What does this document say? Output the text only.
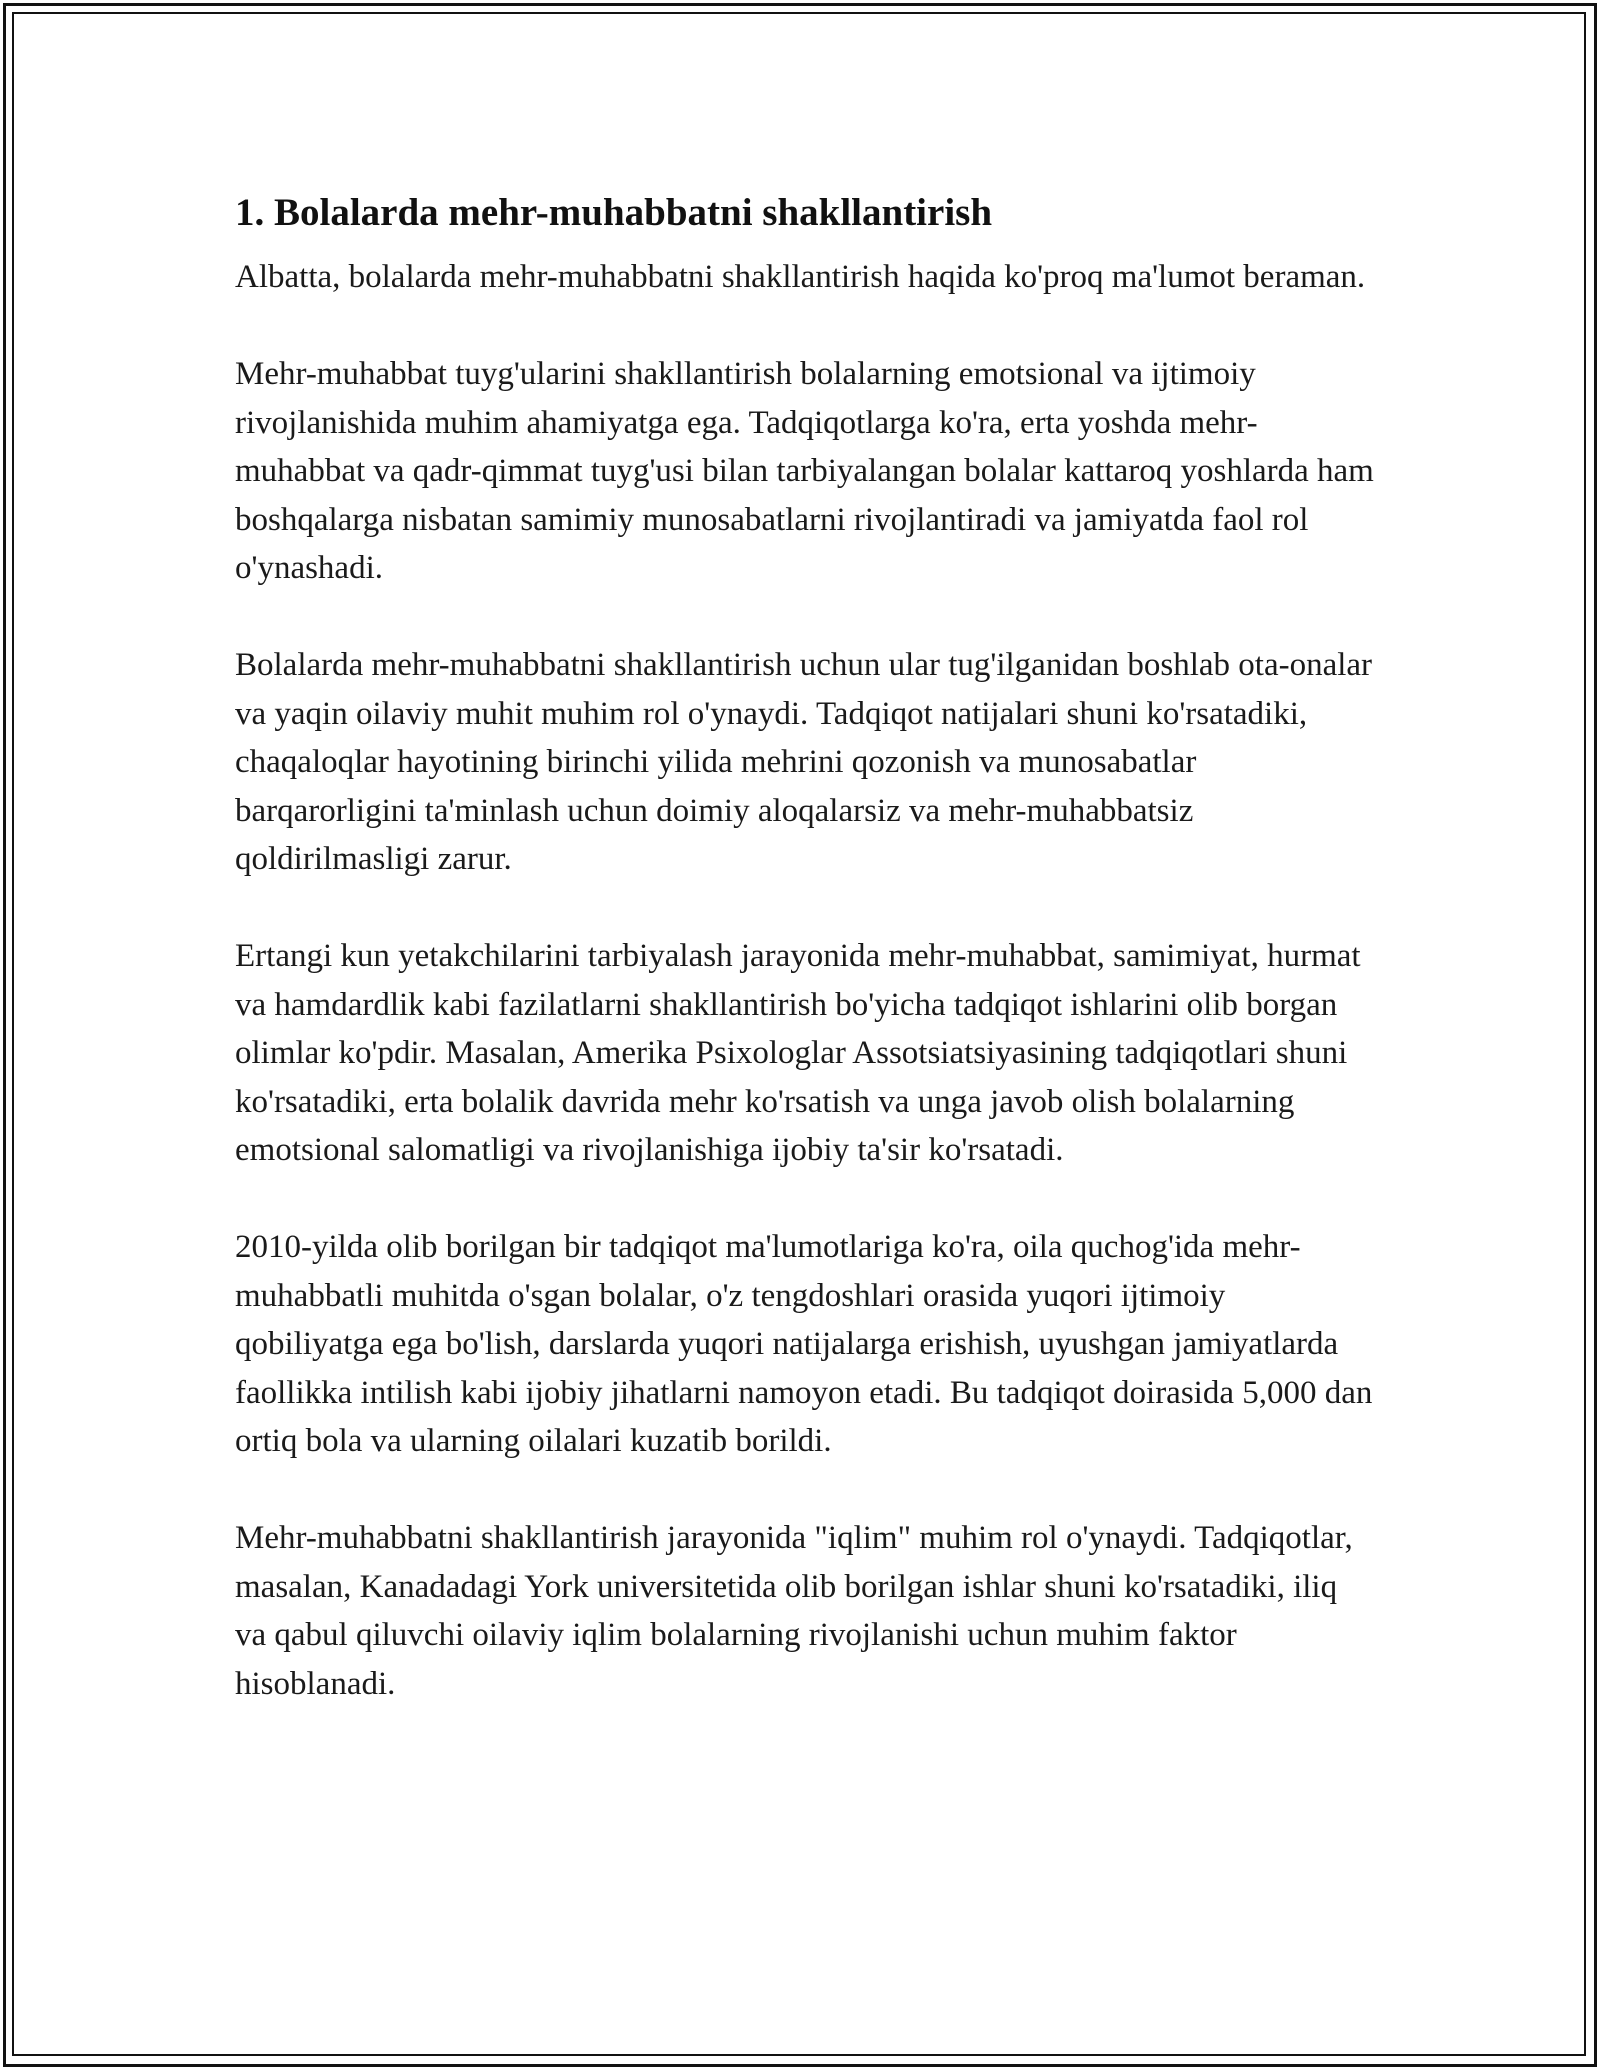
1. Bolalarda mehr-muhabbatni shakllantirish

Albatta, bolalarda mehr-muhabbatni shakllantirish haqida ko'proq ma'lumot beraman.

Mehr-muhabbat tuyg'ularini shakllantirish bolalarning emotsional va ijtimoiy rivojlanishida muhim ahamiyatga ega. Tadqiqotlarga ko'ra, erta yoshda mehr-muhabbat va qadr-qimmat tuyg'usi bilan tarbiyalangan bolalar kattaroq yoshlarda ham boshqalarga nisbatan samimiy munosabatlarni rivojlantiradi va jamiyatda faol rol o'ynashadi.

Bolalarda mehr-muhabbatni shakllantirish uchun ular tug'ilganidan boshlab ota-onalar va yaqin oilaviy muhit muhim rol o'ynaydi. Tadqiqot natijalari shuni ko'rsatadiki, chaqaloqlar hayotining birinchi yilida mehrini qozonish va munosabatlar barqarorligini ta'minlash uchun doimiy aloqalarsiz va mehr-muhabbatsiz qoldirilmasligi zarur.

Ertangi kun yetakchilarini tarbiyalash jarayonida mehr-muhabbat, samimiyat, hurmat va hamdardlik kabi fazilatlarni shakllantirish bo'yicha tadqiqot ishlarini olib borgan olimlar ko'pdir. Masalan, Amerika Psixologlar Assotsiatsiyasining tadqiqotlari shuni ko'rsatadiki, erta bolalik davrida mehr ko'rsatish va unga javob olish bolalarning emotsional salomatligi va rivojlanishiga ijobiy ta'sir ko'rsatadi.

2010-yilda olib borilgan bir tadqiqot ma'lumotlariga ko'ra, oila quchog'ida mehr-muhabbatli muhitda o'sgan bolalar, o'z tengdoshlari orasida yuqori ijtimoiy qobiliyatga ega bo'lish, darslarda yuqori natijalarga erishish, uyushgan jamiyatlarda faollikka intilish kabi ijobiy jihatlarni namoyon etadi. Bu tadqiqot doirasida 5,000 dan ortiq bola va ularning oilalari kuzatib borildi.

Mehr-muhabbatni shakllantirish jarayonida "iqlim" muhim rol o'ynaydi. Tadqiqotlar, masalan, Kanadadagi York universitetida olib borilgan ishlar shuni ko'rsatadiki, iliq va qabul qiluvchi oilaviy iqlim bolalarning rivojlanishi uchun muhim faktor hisoblanadi.
